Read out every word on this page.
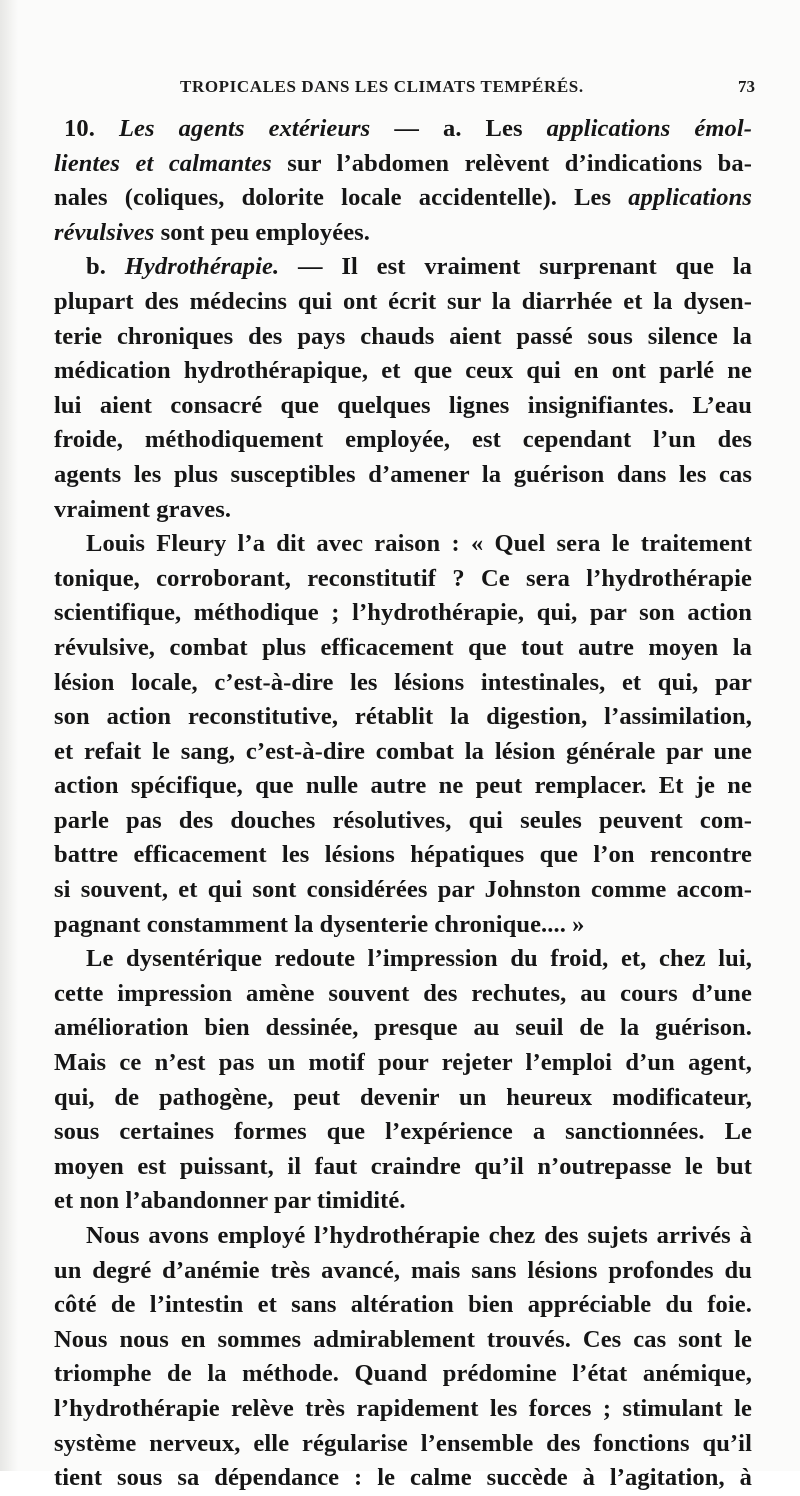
TROPICALES DANS LES CLIMATS TEMPÉRÉS.	73
10. Les agents extérieurs — a. Les applications émol-
lientes et calmantes sur l’abdomen relèvent d’indications ba-
nales (coliques, dolorite locale accidentelle). Les applications
révulsives sont peu employées.
b. Hydrothérapie. — Il est vraiment surprenant que la
plupart des médecins qui ont écrit sur la diarrhée et la dysen-
terie chroniques des pays chauds aient passé sous silence la
médication hydrothérapique, et que ceux qui en ont parlé ne
lui aient consacré que quelques lignes insignifiantes. L’eau
froide, méthodiquement employée, est cependant l’un des
agents les plus susceptibles d’amener la guérison dans les cas
vraiment graves.
Louis Fleury l’a dit avec raison : « Quel sera le traitement
tonique, corroborant, reconstitutif ? Ce sera l’hydrothérapie
scientifique, méthodique ; l’hydrothérapie, qui, par son action
révulsive, combat plus efficacement que tout autre moyen la
lésion locale, c’est-à-dire les lésions intestinales, et qui, par
son action reconstitutive, rétablit la digestion, l’assimilation,
et refait le sang, c’est-à-dire combat la lésion générale par une
action spécifique, que nulle autre ne peut remplacer. Et je ne
parle pas des douches résolutives, qui seules peuvent com-
battre efficacement les lésions hépatiques que l’on rencontre
si souvent, et qui sont considérées par Johnston comme accom-
pagnant constamment la dysenterie chronique.... »
Le dysentérique redoute l’impression du froid, et, chez lui,
cette impression amène souvent des rechutes, au cours d’une
amélioration bien dessinée, presque au seuil de la guérison.
Mais ce n’est pas un motif pour rejeter l’emploi d’un agent,
qui, de pathogène, peut devenir un heureux modificateur,
sous certaines formes que l’expérience a sanctionnées. Le
moyen est puissant, il faut craindre qu’il n’outrepasse le but
et non l’abandonner par timidité.
Nous avons employé l’hydrothérapie chez des sujets arrivés à
un degré d’anémie très avancé, mais sans lésions profondes du
côté de l’intestin et sans altération bien appréciable du foie.
Nous nous en sommes admirablement trouvés. Ces cas sont le
triomphe de la méthode. Quand prédomine l’état anémique,
l’hydrothérapie relève très rapidement les forces ; stimulant le
système nerveux, elle régularise l’ensemble des fonctions qu’il
tient sous sa dépendance : le calme succède à l’agitation, à
